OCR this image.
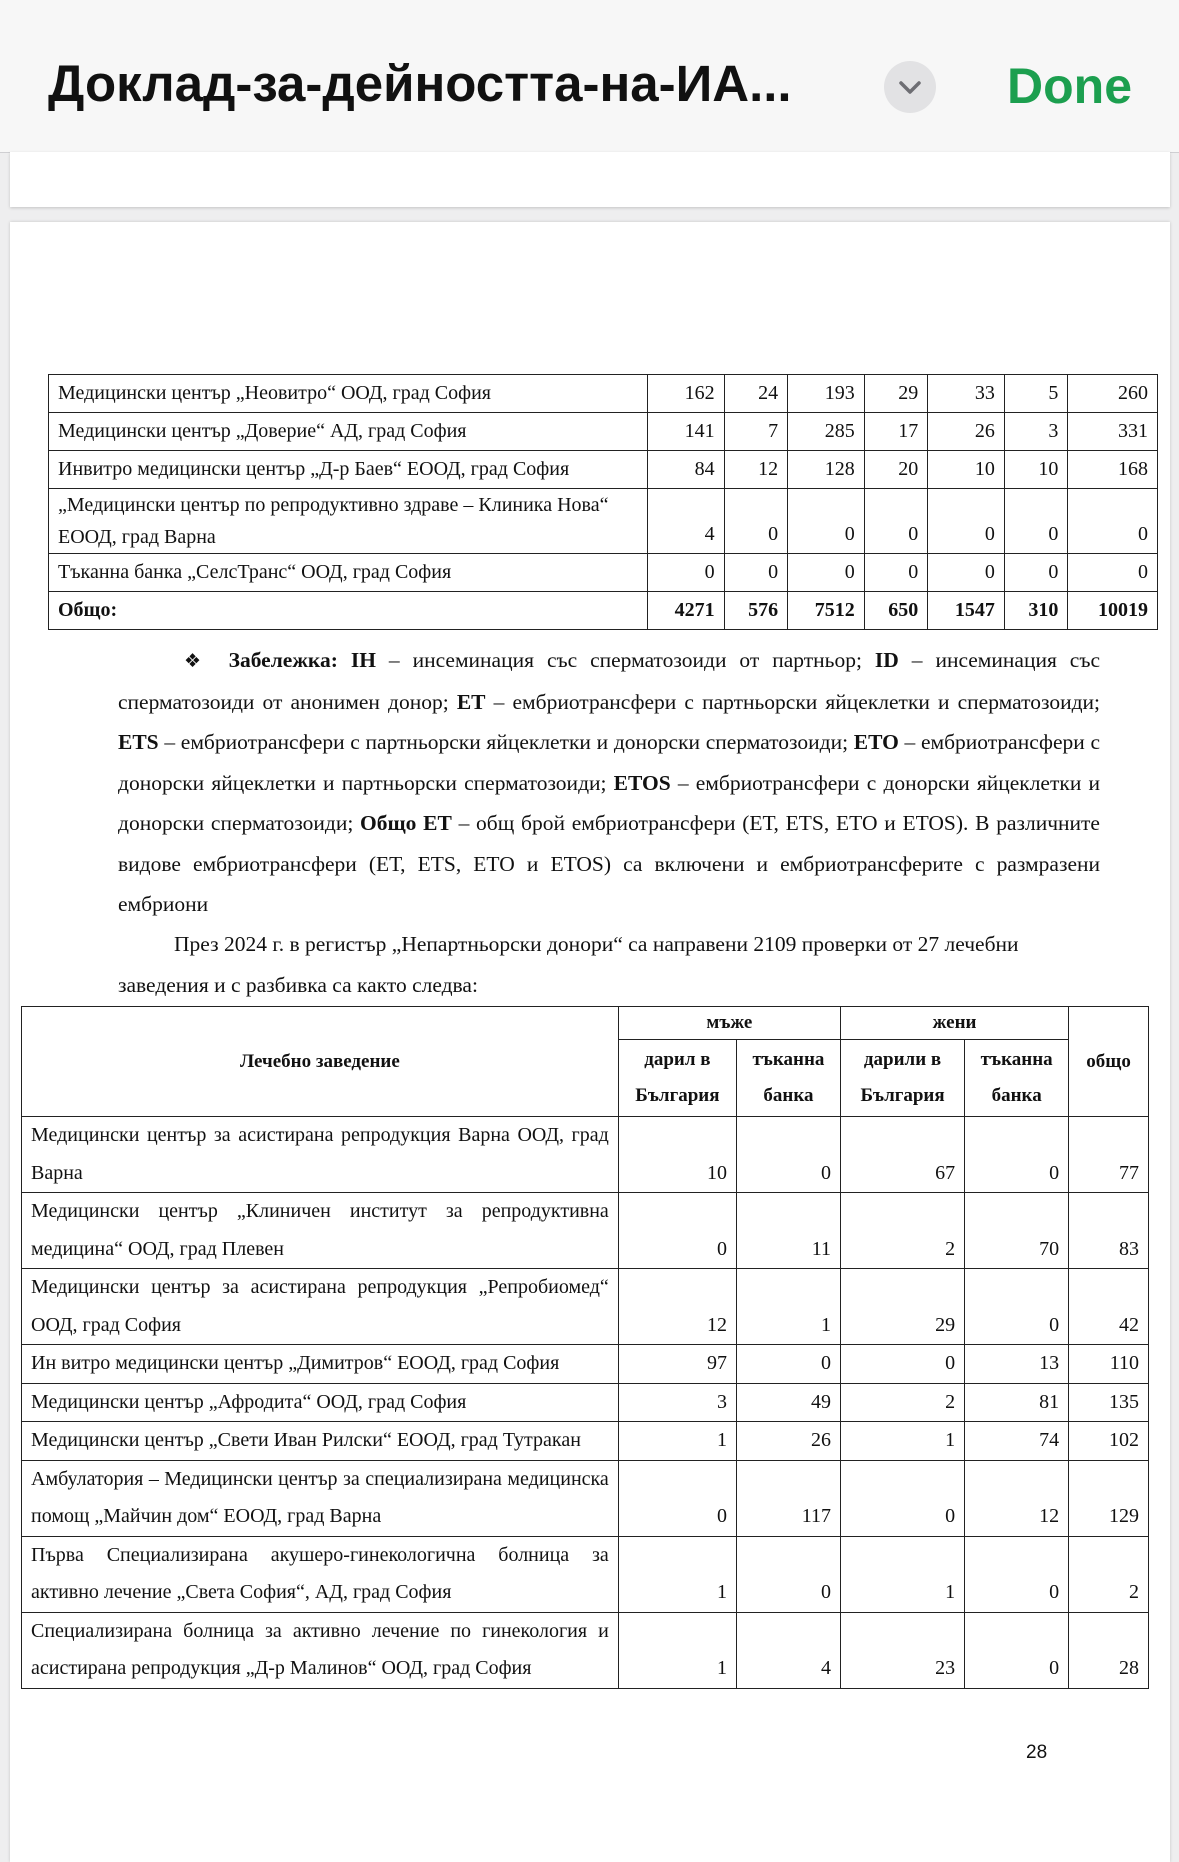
Доклад-за-дейността-на-ИА...	Done
Медицински център „Неовитро“ ООД, град София	162	24	193	29	33	5	260
Медицински център „Доверие“ АД, град София	141	7	285	17	26	3	331
Инвитро медицински център „Д-р Баев“ ЕООД, град София	84	12	128	20	10	10	168
„Медицински център по репродуктивно здраве – Клиника Нова“ ЕООД, град Варна	4	0	0	0	0	0	0
Тъканна банка „СелсТранс“ ООД, град София	0	0	0	0	0	0	0
Общо:	4271	576	7512	650	1547	310	10019
❖ Забележка: IH – инсеминация със сперматозоиди от партньор; ID – инсеминация със сперматозоиди от анонимен донор; ЕТ – ембриотрансфери с партньорски яйцеклетки и сперматозоиди; ETS – ембриотрансфери с партньорски яйцеклетки и донорски сперматозоиди; ETO – ембриотрансфери с донорски яйцеклетки и партньорски сперматозоиди; ETOS – ембриотрансфери с донорски яйцеклетки и донорски сперматозоиди; Общо ЕТ – общ брой ембриотрансфери (ЕТ, ETS, ЕТО и ETOS). В различните видове ембриотрансфери (ЕТ, ETS, ЕТО и ETOS) са включени и ембриотрансферите с размразени ембриони
През 2024 г. в регистър „Непартньорски донори“ са направени 2109 проверки от 27 лечебни заведения и с разбивка са както следва:
Лечебно заведение	мъже		жени		общо
	дарил в България	тъканна банка	дарили в България	тъканна банка	
Медицински център за асистирана репродукция Варна ООД, град Варна	10	0	67	0	77
Медицински център „Клиничен институт за репродуктивна медицина“ ООД, град Плевен	0	11	2	70	83
Медицински център за асистирана репродукция „Репробиомед“ ООД, град София	12	1	29	0	42
Ин витро медицински център „Димитров“ ЕООД, град София	97	0	0	13	110
Медицински център „Афродита“ ООД, град София	3	49	2	81	135
Медицински център „Свети Иван Рилски“ ЕООД, град Тутракан	1	26	1	74	102
Амбулатория – Медицински център за специализирана медицинска помощ „Майчин дом“ ЕООД, град Варна	0	117	0	12	129
Първа Специализирана акушеро-гинекологична болница за активно лечение „Света София“, АД, град София	1	0	1	0	2
Специализирана болница за активно лечение по гинекология и асистирана репродукция „Д-р Малинов“ ООД, град София	1	4	23	0	28
28
